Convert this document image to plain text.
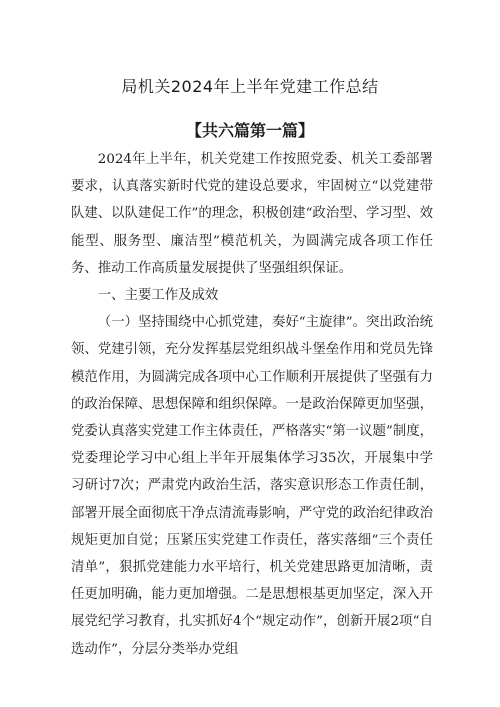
局机关2024年上半年党建工作总结
【共六篇第一篇】

2024年上半年，机关党建工作按照党委、机关工委部署要求，认真落实新时代党的建设总要求，牢固树立“以党建带队建、以队建促工作”的理念，积极创建“政治型、学习型、效能型、服务型、廉洁型”模范机关，为圆满完成各项工作任务、推动工作高质量发展提供了坚强组织保证。

一、主要工作及成效

（一）坚持围绕中心抓党建，奏好“主旋律”。突出政治统领、党建引领，充分发挥基层党组织战斗堡垒作用和党员先锋模范作用，为圆满完成各项中心工作顺利开展提供了坚强有力的政治保障、思想保障和组织保障。一是政治保障更加坚强，党委认真落实党建工作主体责任，严格落实“第一议题”制度，党委理论学习中心组上半年开展集体学习35次，开展集中学习研讨7次；严肃党内政治生活，落实意识形态工作责任制，部署开展全面彻底干净点清流毒影响，严守党的政治纪律政治规矩更加自觉；压紧压实党建工作责任，落实落细“三个责任清单”，狠抓党建能力水平培行，机关党建思路更加清晰，责任更加明确，能力更加增强。二是思想根基更加坚定，深入开展党纪学习教育，扎实抓好4个“规定动作”，创新开展2项“自选动作”，分层分类举办党组
